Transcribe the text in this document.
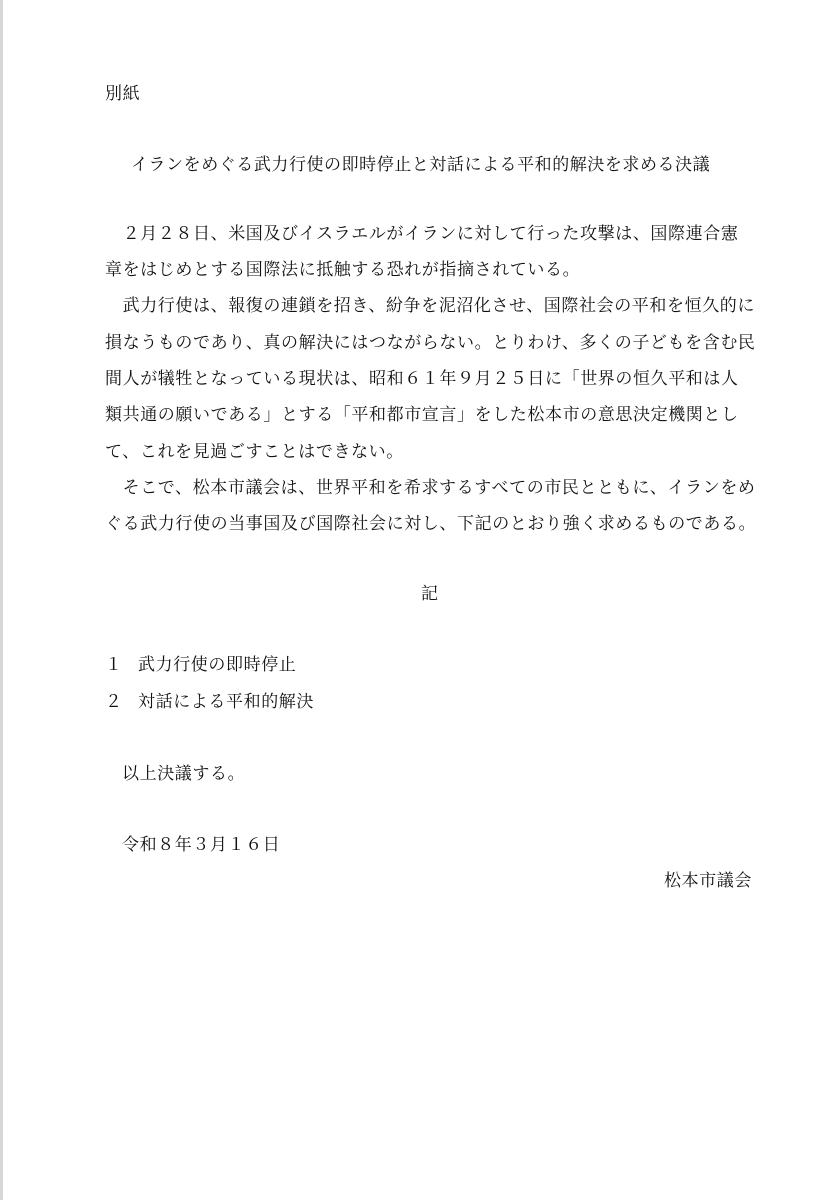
別紙
イランをめぐる武力行使の即時停止と対話による平和的解決を求める決議
　２月２８日、米国及びイスラエルがイランに対して行った攻撃は、国際連合憲
章をはじめとする国際法に抵触する恐れが指摘されている。
　武力行使は、報復の連鎖を招き、紛争を泥沼化させ、国際社会の平和を恒久的に
損なうものであり、真の解決にはつながらない。とりわけ、多くの子どもを含む民
間人が犠牲となっている現状は、昭和６１年９月２５日に「世界の恒久平和は人
類共通の願いである」とする「平和都市宣言」をした松本市の意思決定機関とし
て、これを見過ごすことはできない。
　そこで、松本市議会は、世界平和を希求するすべての市民とともに、イランをめ
ぐる武力行使の当事国及び国際社会に対し、下記のとおり強く求めるものである。
記
１ 武力行使の即時停止
２ 対話による平和的解決
以上決議する。
令和８年３月１６日
松本市議会
